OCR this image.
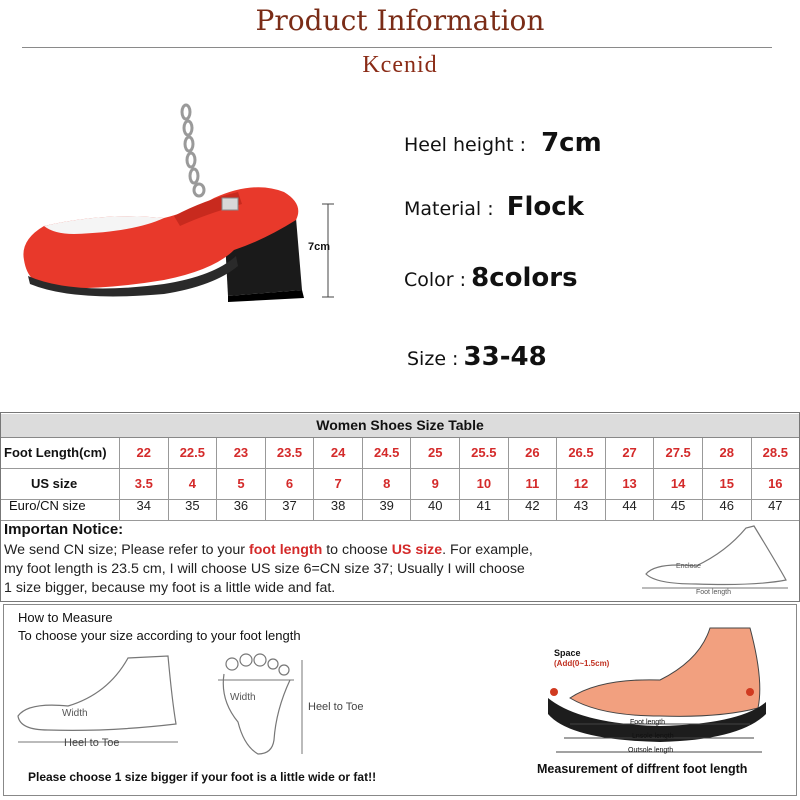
Product Information
Kcenid
7cm
Heel height : 7cm
Material : Flock
Color : 8colors
Size : 33-48
Women Shoes Size Table
Foot Length(cm)	22	22.5	23	23.5	24	24.5	25	25.5	26	26.5	27	27.5	28	28.5
US size	3.5	4	5	6	7	8	9	10	11	12	13	14	15	16
Euro/CN size	34	35	36	37	38	39	40	41	42	43	44	45	46	47
Importan Notice:
We send CN size; Please refer to your foot length to choose US size. For example,
my foot length is 23.5 cm, I will choose US size 6=CN size 37; Usually I will choose
1 size bigger, because my foot is a little wide and fat.
Enclose
Foot length
How to Measure
To choose your size according to your foot length
Width
Heel to Toe
Width
Heel to Toe
Space
(Add(0~1.5cm)
Foot length
Lnsole length
Outsole length
Please choose 1 size bigger if your foot is a little wide or fat!!
Measurement of diffrent foot length
